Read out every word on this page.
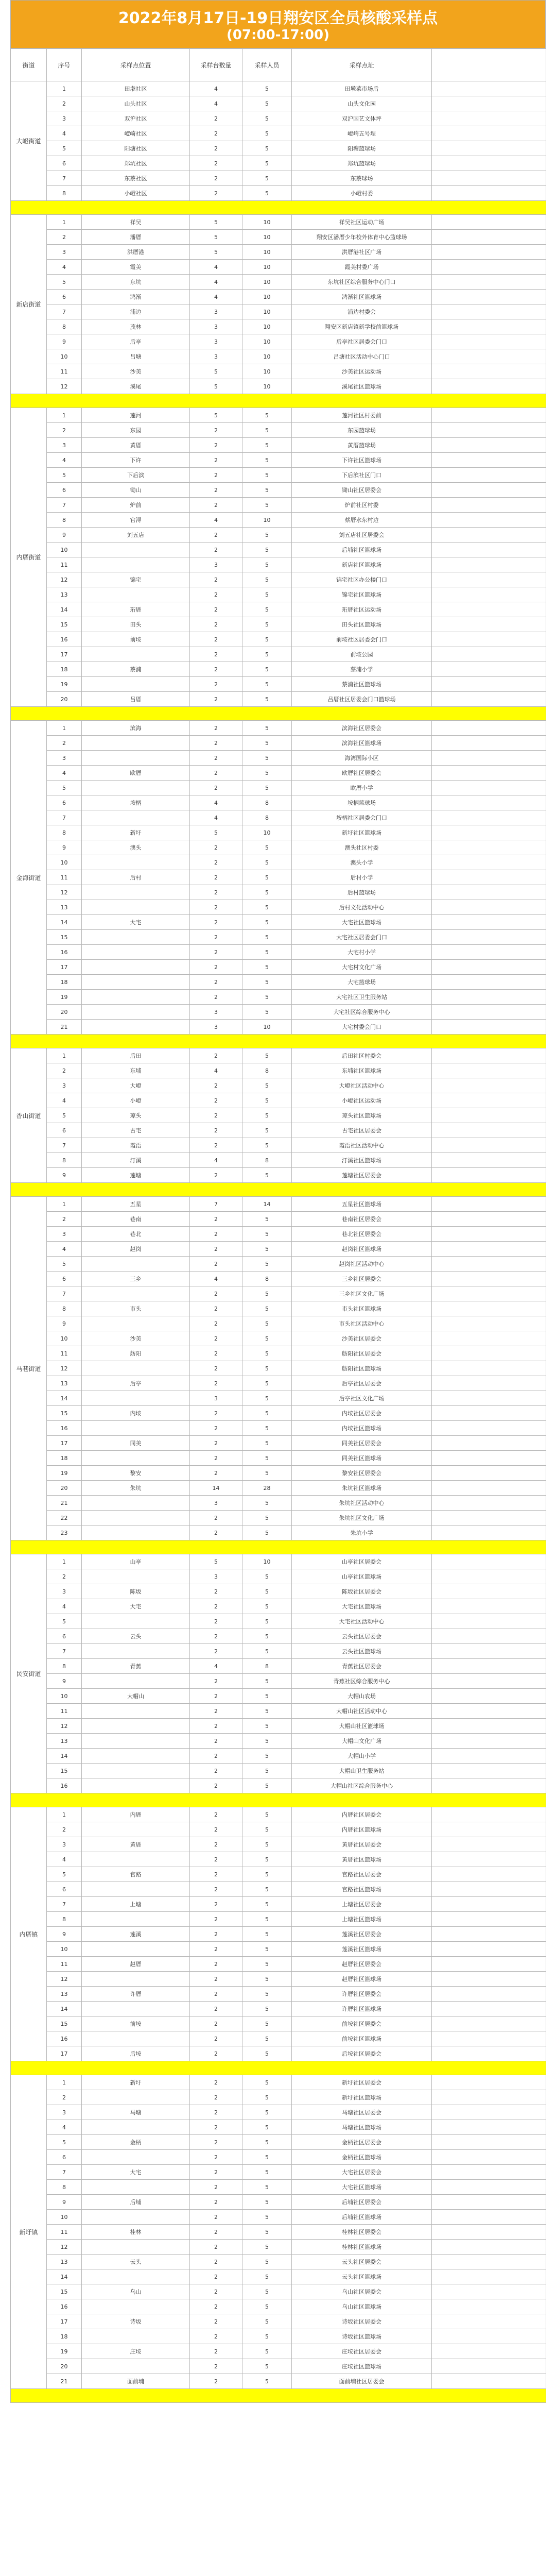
2022年8月17日-19日翔安区全员核酸采样点
(07:00-17:00)
街道	序号	采样点位置	采样台数量	采样人员	采样点址	
大嶝街道	1	田墘社区	4	5	田墘菜市场后	
	2	山头社区	4	5	山头文化园	
	3	双沪社区	2	5	双沪国艺文体坪	
	4	嶝崎社区	2	5	嶝崎五号埕	
	5	阳塘社区	2	5	阳塘篮球场	
	6	郑坑社区	2	5	郑坑篮球场	
	7	东蔡社区	2	5	东蔡球场	
	8	小嶝社区	2	5	小嶝村委	

新店街道	1	祥吴	5	10	祥吴社区运动广场	
	2	潘厝	5	10	翔安区潘厝少年校外体育中心篮球场	
	3	洪厝港	5	10	洪厝港社区广场	
	4	霞美	4	10	霞美村委广场	
	5	东坑	4	10	东坑社区综合服务中心门口	
	6	鸿渐	4	10	鸿渐社区篮球场	
	7	浦边	3	10	浦边村委会	
	8	茂林	3	10	翔安区新店镇新学校前篮球场	
	9	后亭	3	10	后亭社区居委会门口	
	10	吕塘	3	10	吕塘社区活动中心门口	
	11	沙美	5	10	沙美社区运动场	
	12	溪尾	5	10	溪尾社区篮球场	

内厝街道	1	莲河	5	5	莲河社区村委前	
	2	东园	2	5	东园篮球场	
	3	黄厝	2	5	黄厝篮球场	
	4	下许	2	5	下许社区篮球场	
	5	下后滨	2	5	下后滨社区门口	
	6	锄山	2	5	锄山社区居委会	
	7	炉前	2	5	炉前社区村委	
	8	官浔	4	10	蔡厝水东村边	
	9	刘五店	2	5	刘五店社区居委会	
	10		2	5	后埔社区篮球场	
	11		3	5	新店社区篮球场	
	12	锦宅	2	5	锦宅社区办公楼门口	
	13		2	5	锦宅社区篮球场	
	14	珩厝	2	5	珩厝社区运动场	
	15	田头	2	5	田头社区篮球场	
	16	前垵	2	5	前垵社区居委会门口	
	17		2	5	前垵公园	
	18	蔡浦	2	5	蔡浦小学	
	19		2	5	蔡浦社区篮球场	
	20	吕厝	2	5	吕厝社区居委会门口篮球场	

金海街道	1	滨海	2	5	滨海社区居委会	
	2		2	5	滨海社区篮球场	
	3		2	5	海湾国际小区	
	4	欧厝	2	5	欧厝社区居委会	
	5		2	5	欧厝小学	
	6	垵柄	4	8	垵柄篮球场	
	7		4	8	垵柄社区居委会门口	
	8	新圩	5	10	新圩社区篮球场	
	9	澳头	2	5	澳头社区村委	
	10		2	5	澳头小学	
	11	后村	2	5	后村小学	
	12		2	5	后村篮球场	
	13		2	5	后村文化活动中心	
	14	大宅	2	5	大宅社区篮球场	
	15		2	5	大宅社区居委会门口	
	16		2	5	大宅村小学	
	17		2	5	大宅村文化广场	
	18		2	5	大宅篮球场	
	19		2	5	大宅社区卫生服务站	
	20		3	5	大宅社区综合服务中心	
	21		3	10	大宅村委会门口	

香山街道	1	后田	2	5	后田社区村委会	
	2	东埔	4	8	东埔社区篮球场	
	3	大嶝	2	5	大嶝社区活动中心	
	4	小嶝	2	5	小嶝社区运动场	
	5	琼头	2	5	琼头社区篮球场	
	6	古宅	2	5	古宅社区居委会	
	7	霞浯	2	5	霞浯社区活动中心	
	8	汀溪	4	8	汀溪社区篮球场	
	9	莲塘	2	5	莲塘社区居委会	

马巷街道	1	五星	7	14	五星社区篮球场	
	2	巷南	2	5	巷南社区居委会	
	3	巷北	2	5	巷北社区居委会	
	4	赵岗	2	5	赵岗社区篮球场	
	5		2	5	赵岗社区活动中心	
	6	三乡	4	8	三乡社区居委会	
	7		2	5	三乡社区文化广场	
	8	市头	2	5	市头社区篮球场	
	9		2	5	市头社区活动中心	
	10	沙美	2	5	沙美社区居委会	
	11	舫阳	2	5	舫阳社区居委会	
	12		2	5	舫阳社区篮球场	
	13	后亭	2	5	后亭社区居委会	
	14		3	5	后亭社区文化广场	
	15	内垵	2	5	内垵社区居委会	
	16		2	5	内垵社区篮球场	
	17	同美	2	5	同美社区居委会	
	18		2	5	同美社区篮球场	
	19	黎安	2	5	黎安社区居委会	
	20	朱坑	14	28	朱坑社区篮球场	
	21		3	5	朱坑社区活动中心	
	22		2	5	朱坑社区文化广场	
	23		2	5	朱坑小学	

民安街道	1	山亭	5	10	山亭社区居委会	
	2		3	5	山亭社区篮球场	
	3	陈坂	2	5	陈坂社区居委会	
	4	大宅	2	5	大宅社区篮球场	
	5		2	5	大宅社区活动中心	
	6	云头	2	5	云头社区居委会	
	7		2	5	云头社区篮球场	
	8	青蕉	4	8	青蕉社区居委会	
	9		2	5	青蕉社区综合服务中心	
	10	大帽山	2	5	大帽山农场	
	11		2	5	大帽山社区活动中心	
	12		2	5	大帽山社区篮球场	
	13		2	5	大帽山文化广场	
	14		2	5	大帽山小学	
	15		2	5	大帽山卫生服务站	
	16		2	5	大帽山社区综合服务中心	

内厝镇	1	内厝	2	5	内厝社区居委会	
	2		2	5	内厝社区篮球场	
	3	黄厝	2	5	黄厝社区居委会	
	4		2	5	黄厝社区篮球场	
	5	官路	2	5	官路社区居委会	
	6		2	5	官路社区篮球场	
	7	上塘	2	5	上塘社区居委会	
	8		2	5	上塘社区篮球场	
	9	莲溪	2	5	莲溪社区居委会	
	10		2	5	莲溪社区篮球场	
	11	赵厝	2	5	赵厝社区居委会	
	12		2	5	赵厝社区篮球场	
	13	许厝	2	5	许厝社区居委会	
	14		2	5	许厝社区篮球场	
	15	前垵	2	5	前垵社区居委会	
	16		2	5	前垵社区篮球场	
	17	后垵	2	5	后垵社区居委会	

新圩镇	1	新圩	2	5	新圩社区居委会	
	2		2	5	新圩社区篮球场	
	3	马塘	2	5	马塘社区居委会	
	4		2	5	马塘社区篮球场	
	5	金柄	2	5	金柄社区居委会	
	6		2	5	金柄社区篮球场	
	7	大宅	2	5	大宅社区居委会	
	8		2	5	大宅社区篮球场	
	9	后埔	2	5	后埔社区居委会	
	10		2	5	后埔社区篮球场	
	11	桂林	2	5	桂林社区居委会	
	12		2	5	桂林社区篮球场	
	13	云头	2	5	云头社区居委会	
	14		2	5	云头社区篮球场	
	15	乌山	2	5	乌山社区居委会	
	16		2	5	乌山社区篮球场	
	17	诗坂	2	5	诗坂社区居委会	
	18		2	5	诗坂社区篮球场	
	19	庄垵	2	5	庄垵社区居委会	
	20		2	5	庄垵社区篮球场	
	21	面前埔	2	5	面前埔社区居委会	
